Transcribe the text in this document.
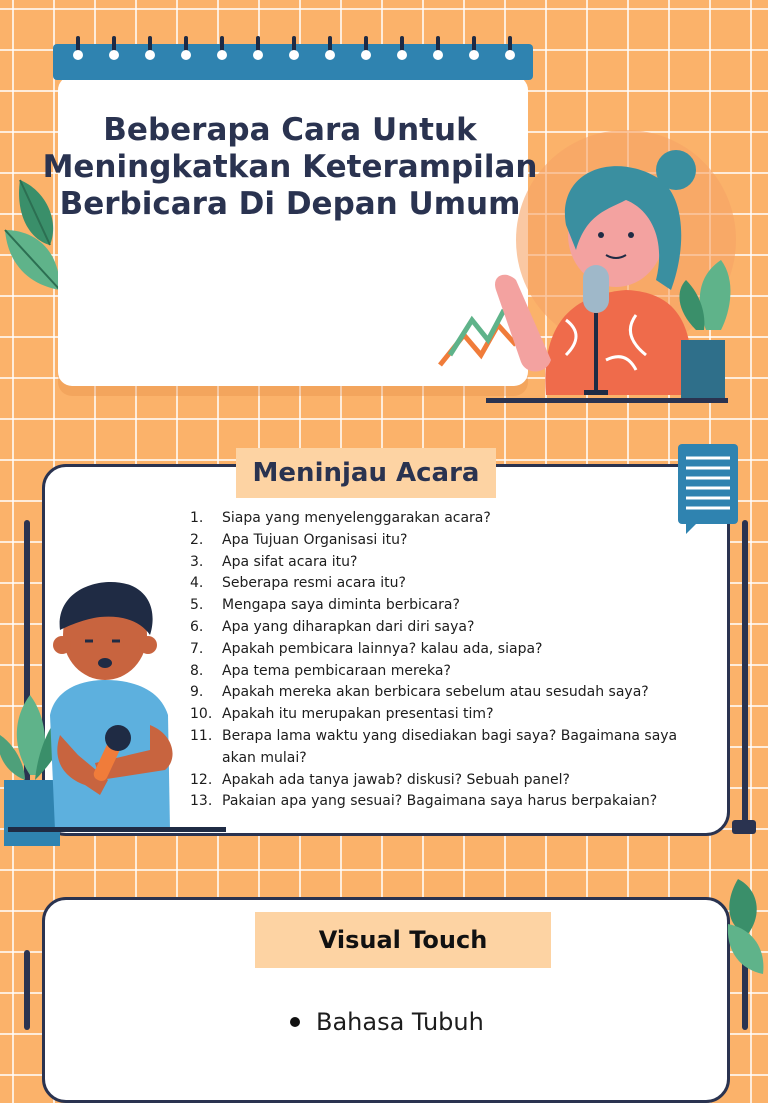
Beberapa Cara Untuk Meningkatkan Keterampilan Berbicara Di Depan Umum
Meninjau Acara
1.	Siapa yang menyelenggarakan acara?
2.	Apa Tujuan Organisasi itu?
3.	Apa sifat acara itu?
4.	Seberapa resmi acara itu?
5.	Mengapa saya diminta berbicara?
6.	Apa yang diharapkan dari diri saya?
7.	Apakah pembicara lainnya? kalau ada, siapa?
8.	Apa tema pembicaraan mereka?
9.	Apakah mereka akan berbicara sebelum atau sesudah saya?
10. Apakah itu merupakan presentasi tim?
11. Berapa lama waktu yang disediakan bagi saya? Bagaimana saya akan mulai?
12. Apakah ada tanya jawab? diskusi? Sebuah panel?
13. Pakaian apa yang sesuai? Bagaimana saya harus berpakaian?
Visual Touch
Bahasa Tubuh
